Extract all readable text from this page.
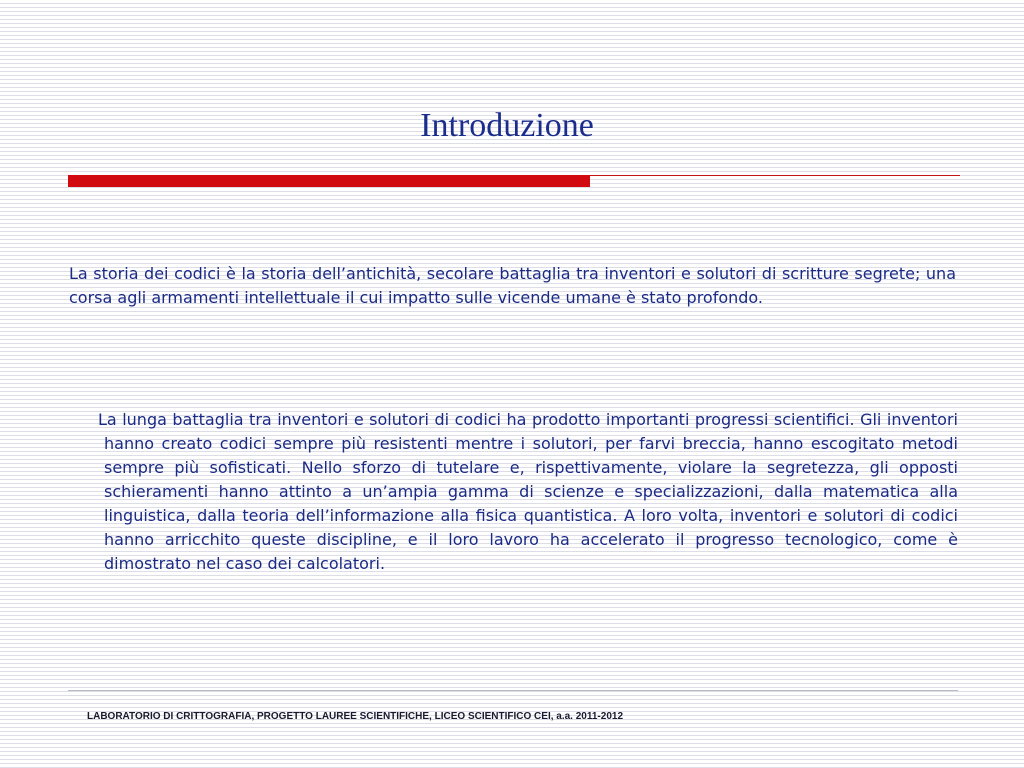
Introduzione

La storia dei codici è la storia dell’antichità, secolare battaglia tra inventori e solutori di scritture segrete; una corsa agli armamenti intellettuale il cui impatto sulle vicende umane è stato profondo.

La lunga battaglia tra inventori e solutori di codici ha prodotto importanti progressi scientifici. Gli inventori hanno creato codici sempre più resistenti mentre i solutori, per farvi breccia, hanno escogitato metodi sempre più sofisticati. Nello sforzo di tutelare e, rispettivamente, violare la segretezza, gli opposti schieramenti hanno attinto a un’ampia gamma di scienze e specializzazioni, dalla matematica alla linguistica, dalla teoria dell’informazione alla fisica quantistica. A loro volta, inventori e solutori di codici hanno arricchito queste discipline, e il loro lavoro ha accelerato il progresso tecnologico, come è dimostrato nel caso dei calcolatori.

LABORATORIO DI CRITTOGRAFIA, PROGETTO LAUREE SCIENTIFICHE, LICEO SCIENTIFICO CEI, a.a. 2011-2012
